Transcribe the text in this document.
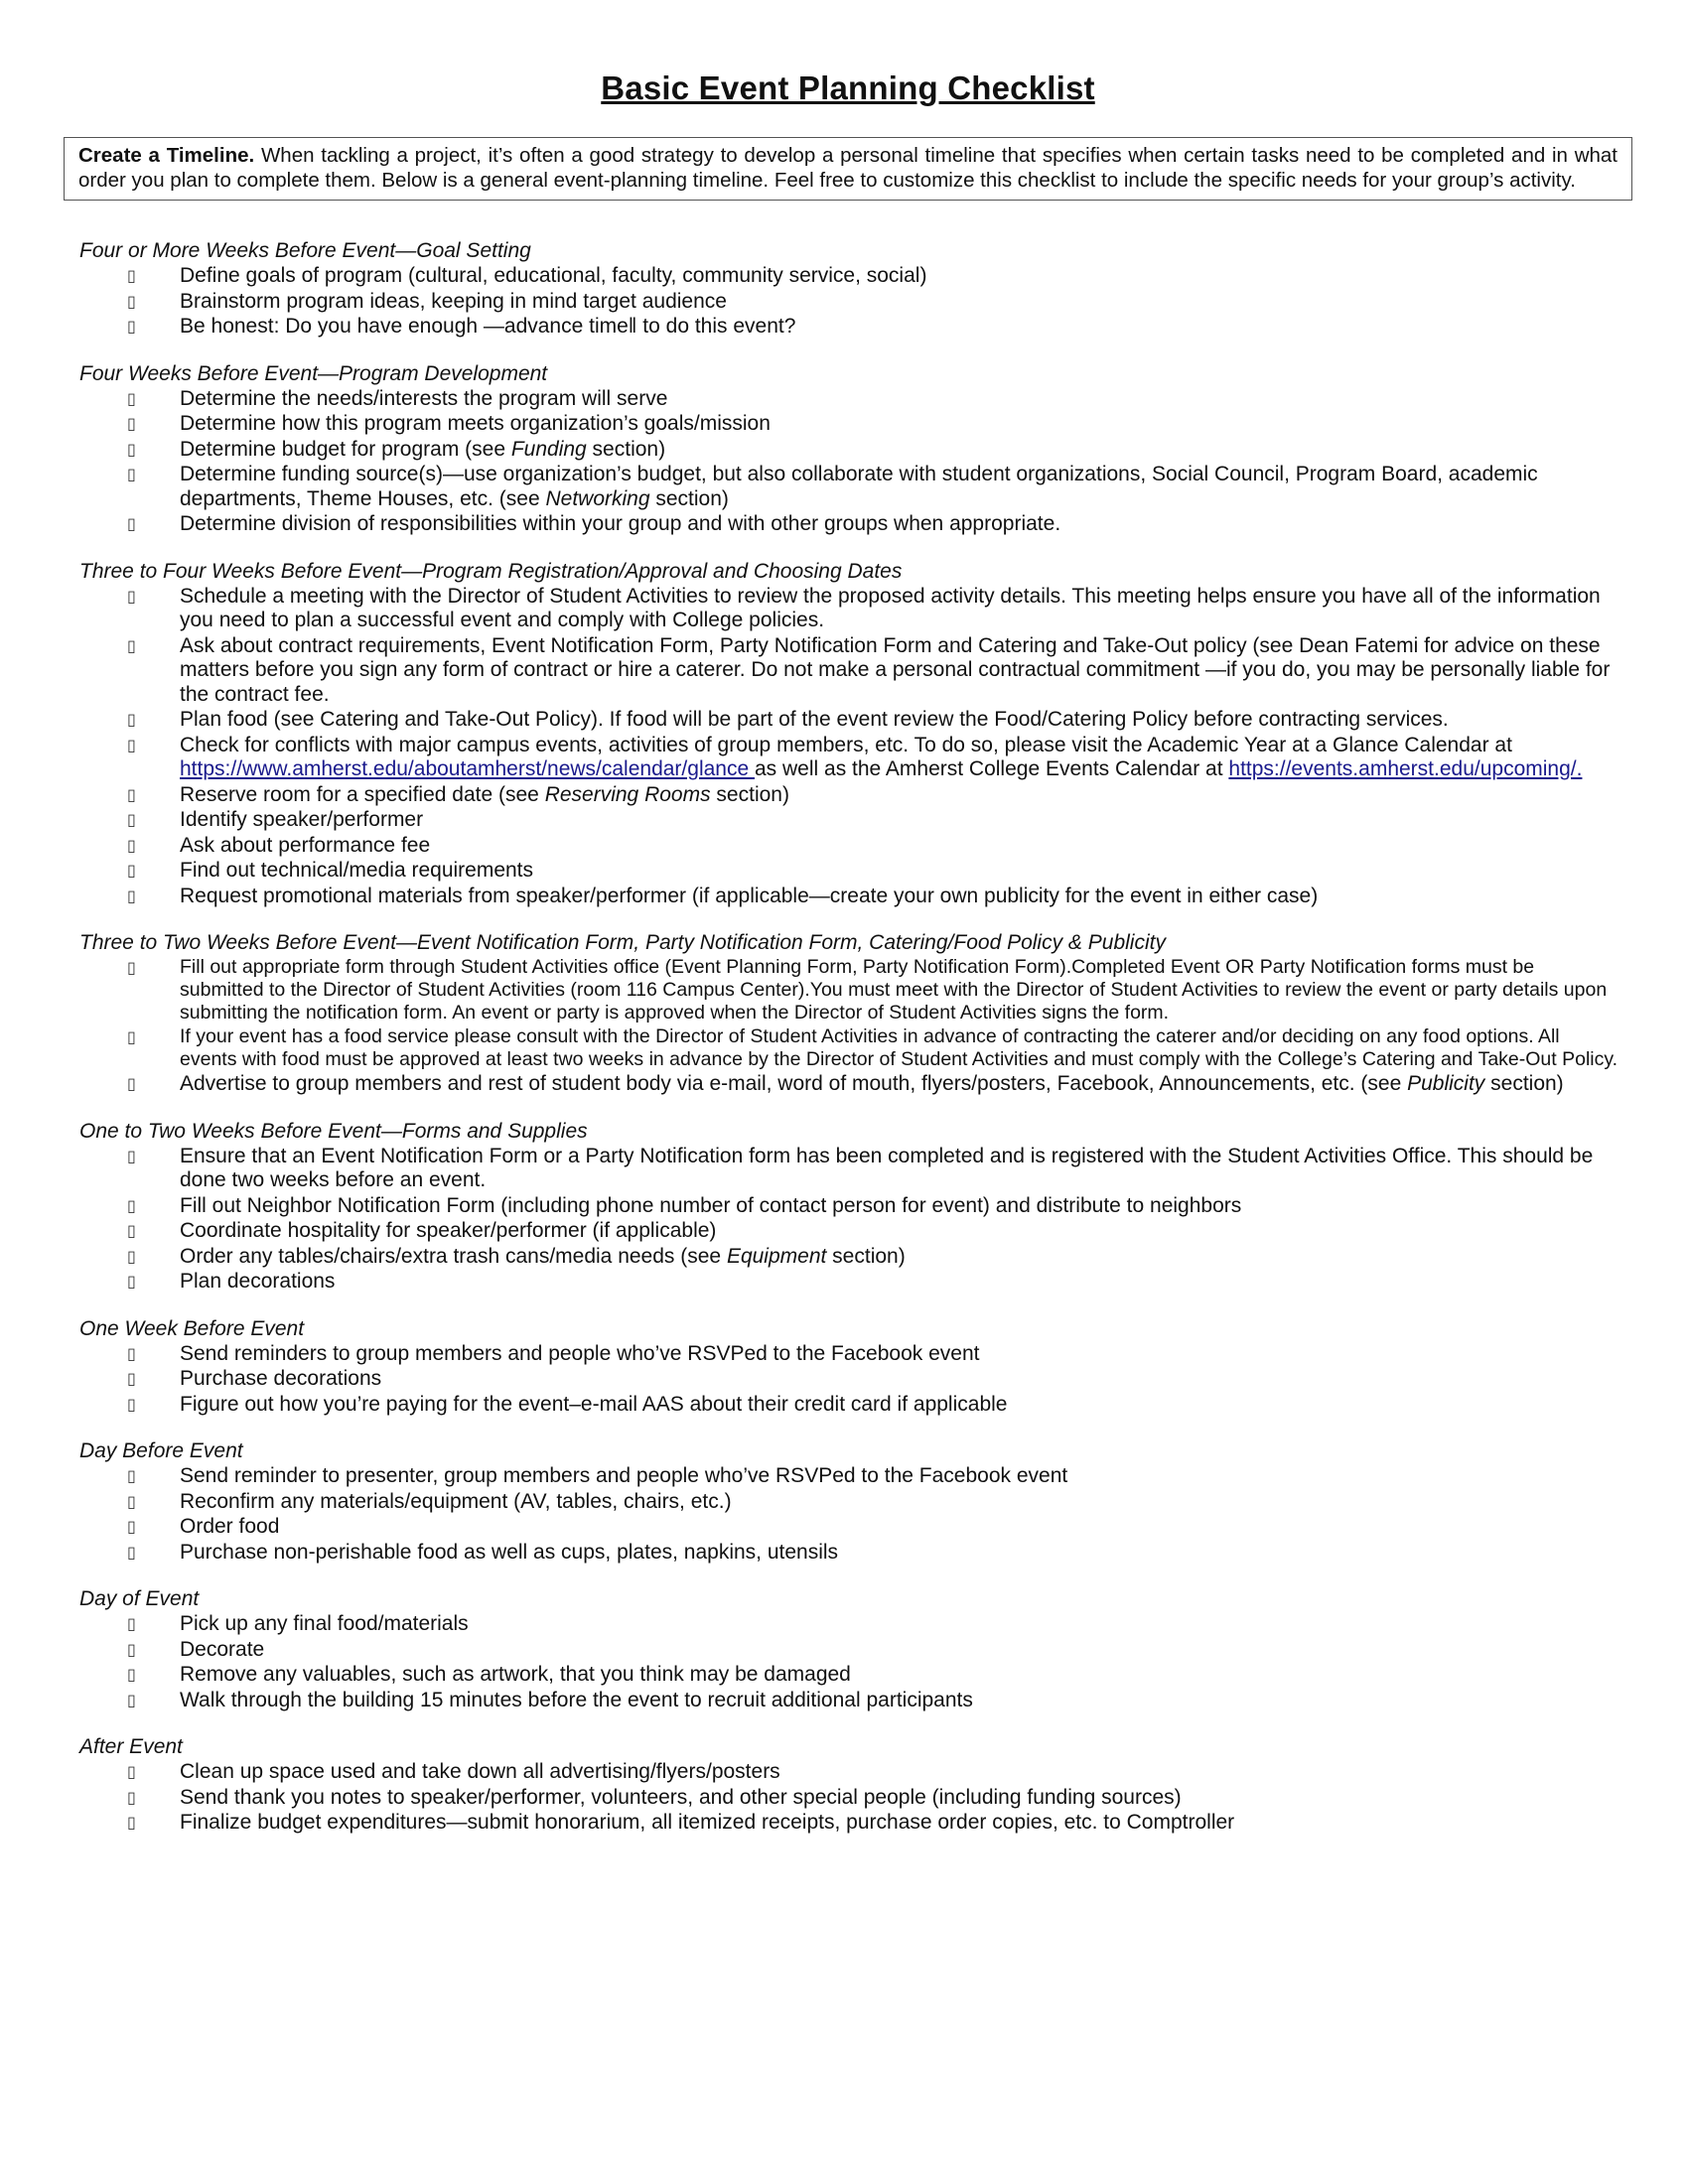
Basic Event Planning Checklist
Create a Timeline. When tackling a project, it’s often a good strategy to develop a personal timeline that specifies when certain tasks need to be completed and in what order you plan to complete them. Below is a general event-planning timeline. Feel free to customize this checklist to include the specific needs for your group’s activity.
Four or More Weeks Before Event—Goal Setting
▯ Define goals of program (cultural, educational, faculty, community service, social)
▯ Brainstorm program ideas, keeping in mind target audience
▯ Be honest: Do you have enough ―advance time‖ to do this event?
Four Weeks Before Event—Program Development
▯ Determine the needs/interests the program will serve
▯ Determine how this program meets organization’s goals/mission
▯ Determine budget for program (see Funding section)
▯ Determine funding source(s)—use organization’s budget, but also collaborate with student organizations, Social Council, Program Board, academic departments, Theme Houses, etc. (see Networking section)
▯ Determine division of responsibilities within your group and with other groups when appropriate.
Three to Four Weeks Before Event—Program Registration/Approval and Choosing Dates
▯ Schedule a meeting with the Director of Student Activities to review the proposed activity details. This meeting helps ensure you have all of the information you need to plan a successful event and comply with College policies.
▯ Ask about contract requirements, Event Notification Form, Party Notification Form and Catering and Take-Out policy (see Dean Fatemi for advice on these matters before you sign any form of contract or hire a caterer. Do not make a personal contractual commitment ―if you do, you may be personally liable for the contract fee.
▯ Plan food (see Catering and Take-Out Policy). If food will be part of the event review the Food/Catering Policy before contracting services.
▯ Check for conflicts with major campus events, activities of group members, etc. To do so, please visit the Academic Year at a Glance Calendar at https://www.amherst.edu/aboutamherst/news/calendar/glance as well as the Amherst College Events Calendar at https://events.amherst.edu/upcoming/.
▯ Reserve room for a specified date (see Reserving Rooms section)
▯ Identify speaker/performer
▯ Ask about performance fee
▯ Find out technical/media requirements
▯ Request promotional materials from speaker/performer (if applicable—create your own publicity for the event in either case)
Three to Two Weeks Before Event—Event Notification Form, Party Notification Form, Catering/Food Policy & Publicity
▯ Fill out appropriate form through Student Activities office (Event Planning Form, Party Notification Form).Completed Event OR Party Notification forms must be submitted to the Director of Student Activities (room 116 Campus Center).You must meet with the Director of Student Activities to review the event or party details upon submitting the notification form. An event or party is approved when the Director of Student Activities signs the form.
▯ If your event has a food service please consult with the Director of Student Activities in advance of contracting the caterer and/or deciding on any food options. All events with food must be approved at least two weeks in advance by the Director of Student Activities and must comply with the College’s Catering and Take-Out Policy.
▯ Advertise to group members and rest of student body via e-mail, word of mouth, flyers/posters, Facebook, Announcements, etc. (see Publicity section)
One to Two Weeks Before Event—Forms and Supplies
▯ Ensure that an Event Notification Form or a Party Notification form has been completed and is registered with the Student Activities Office. This should be done two weeks before an event.
▯ Fill out Neighbor Notification Form (including phone number of contact person for event) and distribute to neighbors
▯ Coordinate hospitality for speaker/performer (if applicable)
▯ Order any tables/chairs/extra trash cans/media needs (see Equipment section)
▯ Plan decorations
One Week Before Event
▯ Send reminders to group members and people who’ve RSVPed to the Facebook event
▯ Purchase decorations
▯ Figure out how you’re paying for the event–e-mail AAS about their credit card if applicable
Day Before Event
▯ Send reminder to presenter, group members and people who’ve RSVPed to the Facebook event
▯ Reconfirm any materials/equipment (AV, tables, chairs, etc.)
▯ Order food
▯ Purchase non-perishable food as well as cups, plates, napkins, utensils
Day of Event
▯ Pick up any final food/materials
▯ Decorate
▯ Remove any valuables, such as artwork, that you think may be damaged
▯ Walk through the building 15 minutes before the event to recruit additional participants
After Event
▯ Clean up space used and take down all advertising/flyers/posters
▯ Send thank you notes to speaker/performer, volunteers, and other special people (including funding sources)
▯ Finalize budget expenditures—submit honorarium, all itemized receipts, purchase order copies, etc. to Comptroller
